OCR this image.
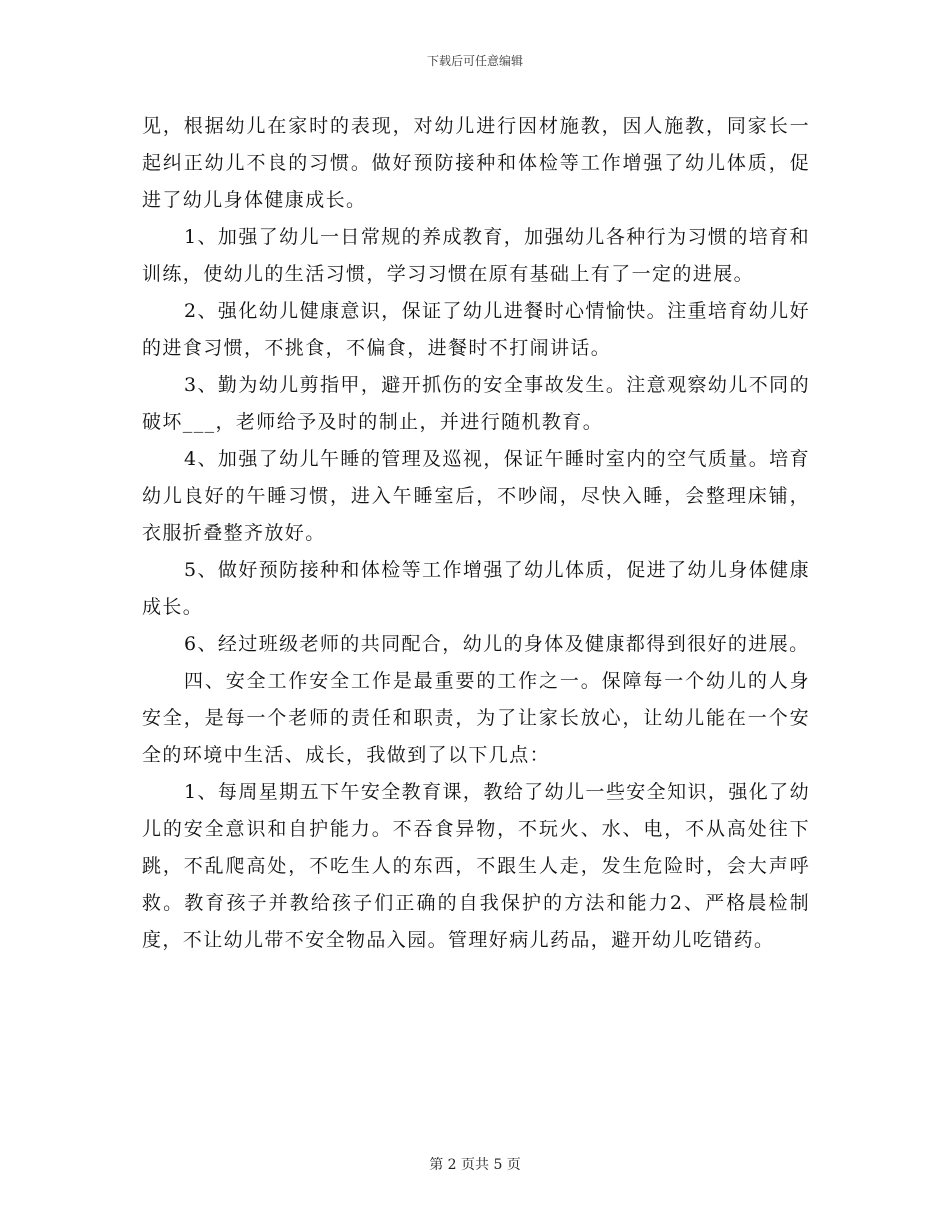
下载后可任意编辑

见，根据幼儿在家时的表现，对幼儿进行因材施教，因人施教，同家长一起纠正幼儿不良的习惯。做好预防接种和体检等工作增强了幼儿体质，促进了幼儿身体健康成长。

1、加强了幼儿一日常规的养成教育，加强幼儿各种行为习惯的培育和训练，使幼儿的生活习惯，学习习惯在原有基础上有了一定的进展。

2、强化幼儿健康意识，保证了幼儿进餐时心情愉快。注重培育幼儿好的进食习惯，不挑食，不偏食，进餐时不打闹讲话。

3、勤为幼儿剪指甲，避开抓伤的安全事故发生。注意观察幼儿不同的破坏___，老师给予及时的制止，并进行随机教育。

4、加强了幼儿午睡的管理及巡视，保证午睡时室内的空气质量。培育幼儿良好的午睡习惯，进入午睡室后，不吵闹，尽快入睡，会整理床铺，衣服折叠整齐放好。

5、做好预防接种和体检等工作增强了幼儿体质，促进了幼儿身体健康成长。

6、经过班级老师的共同配合，幼儿的身体及健康都得到很好的进展。

四、安全工作安全工作是最重要的工作之一。保障每一个幼儿的人身安全，是每一个老师的责任和职责，为了让家长放心，让幼儿能在一个安全的环境中生活、成长，我做到了以下几点：

1、每周星期五下午安全教育课，教给了幼儿一些安全知识，强化了幼儿的安全意识和自护能力。不吞食异物，不玩火、水、电，不从高处往下跳，不乱爬高处，不吃生人的东西，不跟生人走，发生危险时，会大声呼救。教育孩子并教给孩子们正确的自我保护的方法和能力2、严格晨检制度，不让幼儿带不安全物品入园。管理好病儿药品，避开幼儿吃错药。

第 2 页共 5 页
